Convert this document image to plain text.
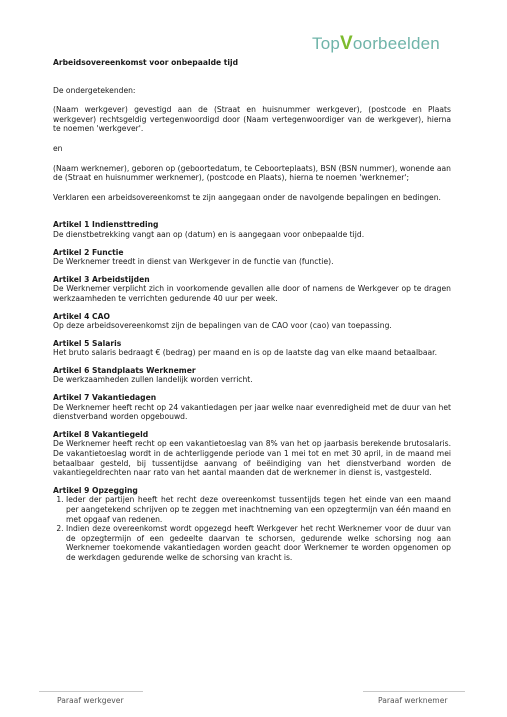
TopVoorbeelden

Arbeidsovereenkomst voor onbepaalde tijd

De ondergetekenden:

(Naam werkgever) gevestigd aan de (Straat en huisnummer werkgever), (postcode en Plaats werkgever) rechtsgeldig vertegenwoordigd door (Naam vertegenwoordiger van de werkgever), hierna te noemen 'werkgever'.

en

(Naam werknemer), geboren op (geboortedatum, te Ceboorteplaats), BSN (BSN nummer), wonende aan de (Straat en huisnummer werknemer), (postcode en Plaats), hierna te noemen 'werknemer';

Verklaren een arbeidsovereenkomst te zijn aangegaan onder de navolgende bepalingen en bedingen.

Artikel 1 Indiensttreding

De dienstbetrekking vangt aan op (datum) en is aangegaan voor onbepaalde tijd.

Artikel 2 Functie

De Werknemer treedt in dienst van Werkgever in de functie van (functie).

Artikel 3 Arbeidstijden

De Werknemer verplicht zich in voorkomende gevallen alle door of namens de Werkgever op te dragen werkzaamheden te verrichten gedurende 40 uur per week.

Artikel 4 CAO

Op deze arbeidsovereenkomst zijn de bepalingen van de CAO voor (cao) van toepassing.

Artikel 5 Salaris

Het bruto salaris bedraagt € (bedrag) per maand en is op de laatste dag van elke maand betaalbaar.

Artikel 6 Standplaats Werknemer

De werkzaamheden zullen landelijk worden verricht.

Artikel 7 Vakantiedagen

De Werknemer heeft recht op 24 vakantiedagen per jaar welke naar evenredigheid met de duur van het dienstverband worden opgebouwd.

Artikel 8 Vakantiegeld

De Werknemer heeft recht op een vakantietoeslag van 8% van het op jaarbasis berekende brutosalaris. De vakantietoeslag wordt in de achterliggende periode van 1 mei tot en met 30 april, in de maand mei betaalbaar gesteld, bij tussentijdse aanvang of beëindiging van het dienstverband worden de vakantiegeldrechten naar rato van het aantal maanden dat de werknemer in dienst is, vastgesteld.

Artikel 9 Opzegging
1. Ieder der partijen heeft het recht deze overeenkomst tussentijds tegen het einde van een maand per aangetekend schrijven op te zeggen met inachtneming van een opzegtermijn van één maand en met opgaaf van redenen.
2. Indien deze overeenkomst wordt opgezegd heeft Werkgever het recht Werknemer voor de duur van de opzegtermijn of een gedeelte daarvan te schorsen, gedurende welke schorsing nog aan Werknemer toekomende vakantiedagen worden geacht door Werknemer te worden opgenomen op de werkdagen gedurende welke de schorsing van kracht is.
Paraaf werkgever	Paraaf werknemer
